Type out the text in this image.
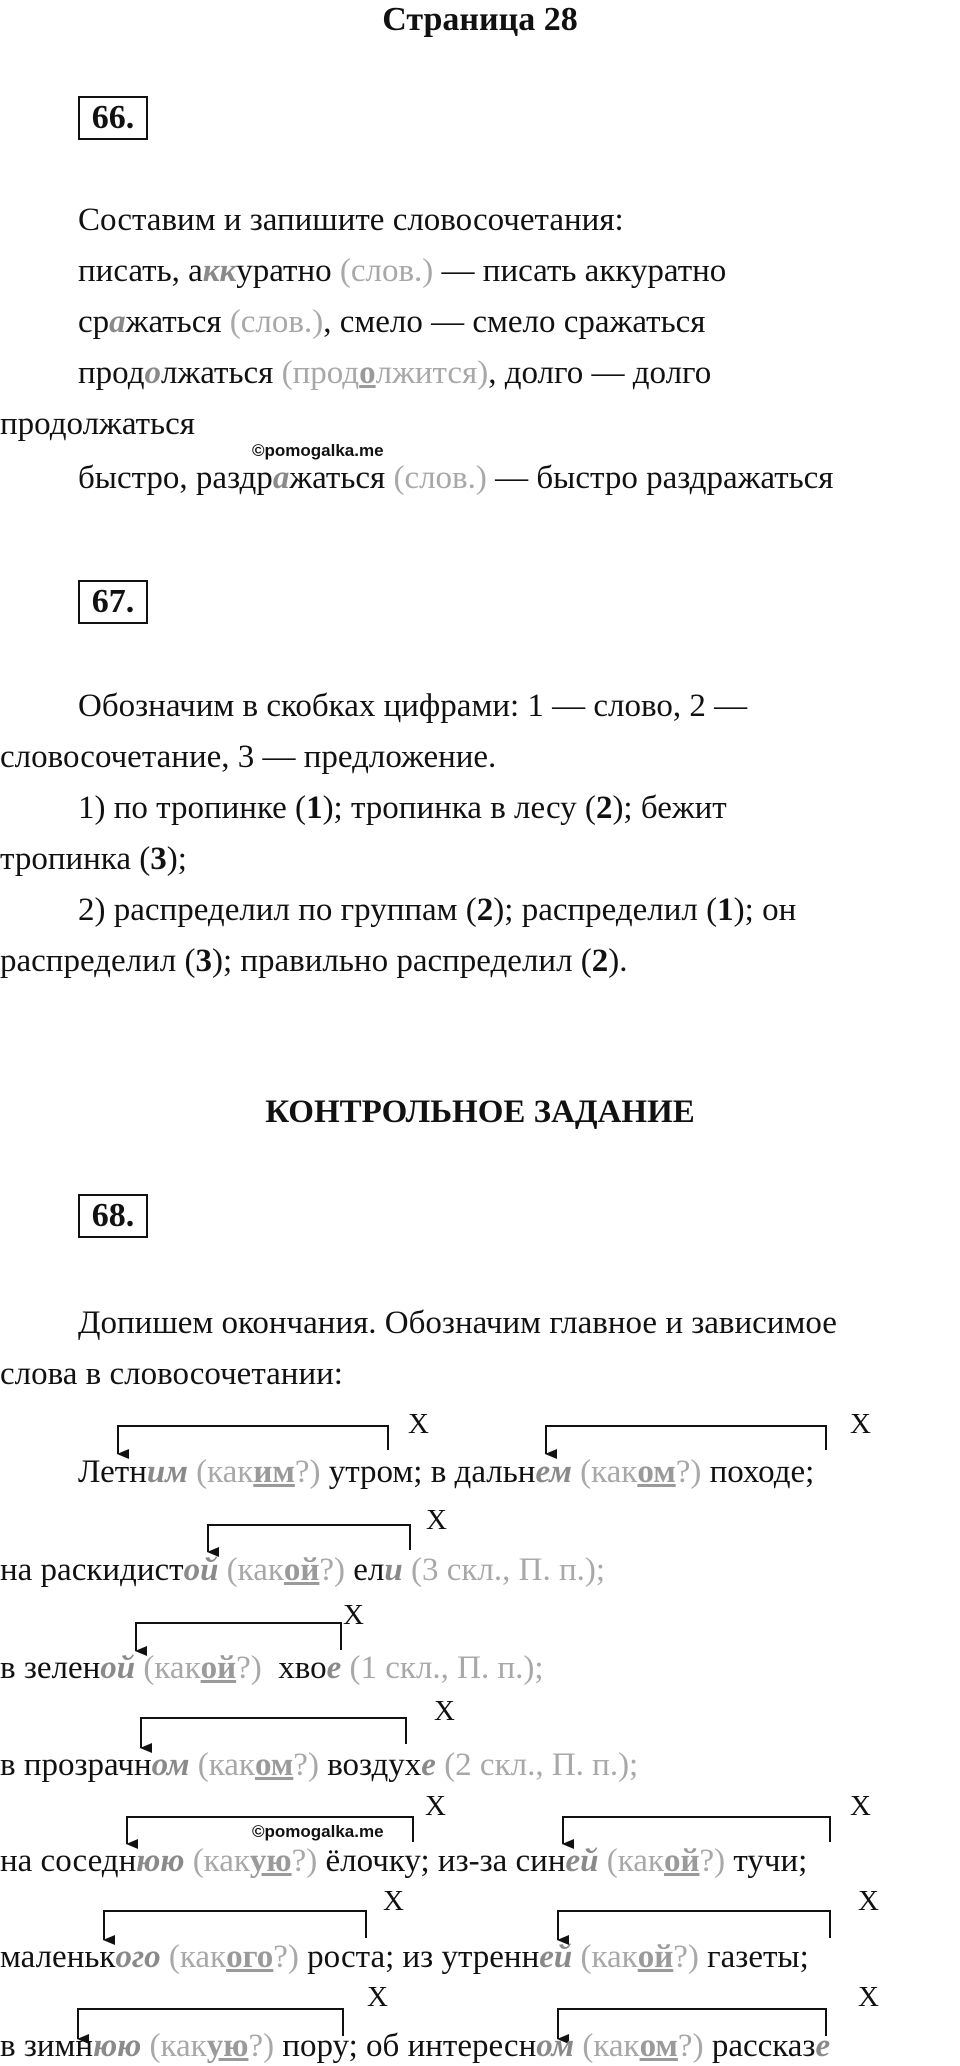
Страница 28
66.
Составим и запишите словосочетания:
писать, аккуратно (слов.) — писать аккуратно
сражаться (слов.), смело — смело сражаться
продолжаться (продолжится), долго — долго
продолжаться
©pomogalka.me
быстро, раздражаться (слов.) — быстро раздражаться
67.
Обозначим в скобках цифрами: 1 — слово, 2 —
словосочетание, 3 — предложение.
1) по тропинке (1); тропинка в лесу (2); бежит
тропинка (3);
2) распределил по группам (2); распределил (1); он
распределил (3); правильно распределил (2).
КОНТРОЛЬНОЕ ЗАДАНИЕ
68.
Допишем окончания. Обозначим главное и зависимое
слова в словосочетании:
X	X
X
X
X
X	X
X	X
X	X
Летним (каким?) утром; в дальнем (каком?) походе;
на раскидистой (какой?) ели (3 скл., П. п.);
в зеленой (какой?)  хвое (1 скл., П. п.);
в прозрачном (каком?) воздухе (2 скл., П. п.);
©pomogalka.me
на соседнюю (какую?) ёлочку; из-за синей (какой?) тучи;
маленького (какого?) роста; из утренней (какой?) газеты;
в зимнюю (какую?) пору; об интересном (каком?) рассказе
